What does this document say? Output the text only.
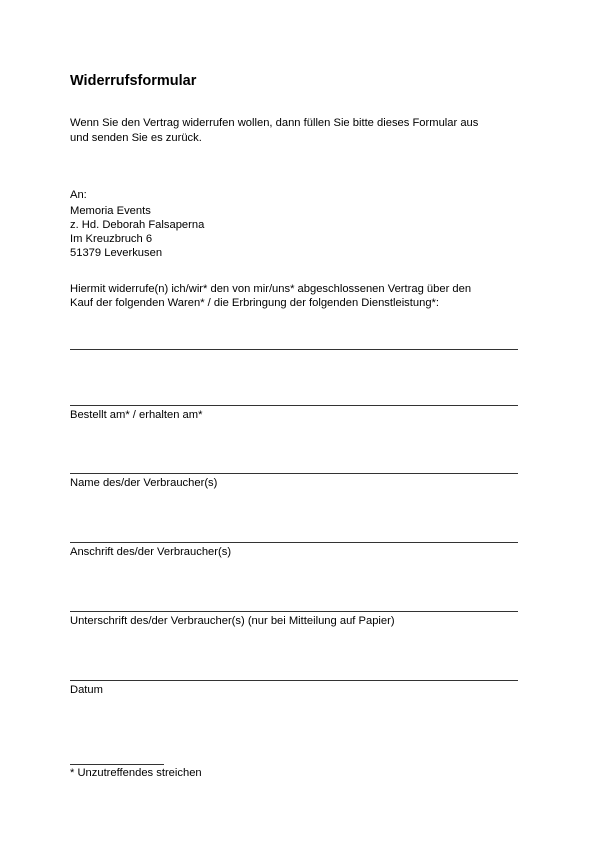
Widerrufsformular
Wenn Sie den Vertrag widerrufen wollen, dann füllen Sie bitte dieses Formular aus
und senden Sie es zurück.
An:
Memoria Events
z. Hd. Deborah Falsaperna
Im Kreuzbruch 6
51379 Leverkusen
Hiermit widerrufe(n) ich/wir* den von mir/uns* abgeschlossenen Vertrag über den
Kauf der folgenden Waren* / die Erbringung der folgenden Dienstleistung*:
Bestellt am* / erhalten am*
Name des/der Verbraucher(s)
Anschrift des/der Verbraucher(s)
Unterschrift des/der Verbraucher(s) (nur bei Mitteilung auf Papier)
Datum
* Unzutreffendes streichen
